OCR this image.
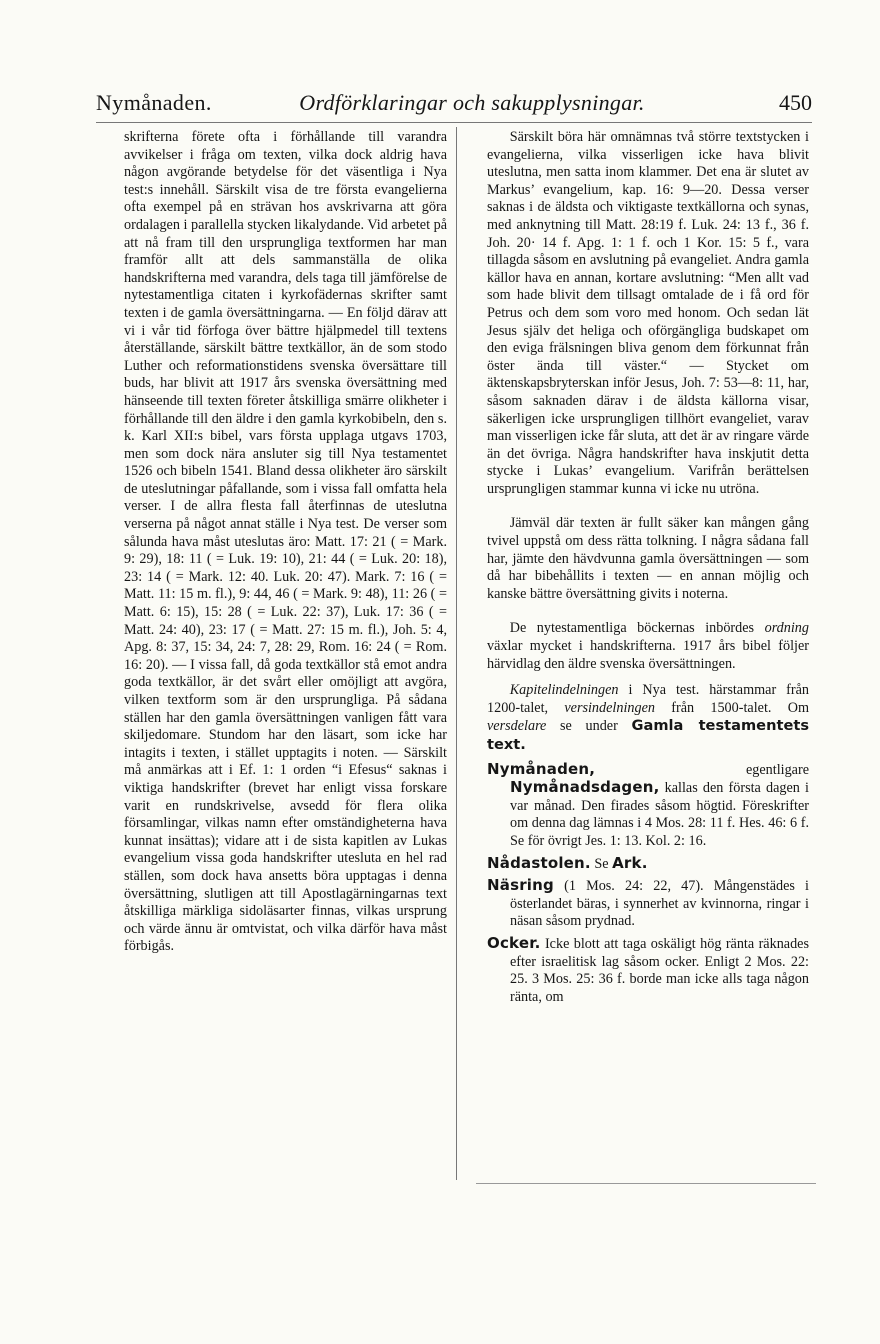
Nymånaden.	Ordförklaringar och sakupplysningar.	450
skrifterna förete ofta i förhållande till varandra avvikelser i fråga om texten, vilka dock aldrig hava någon avgörande betydelse för det väsentliga i Nya test:s innehåll. Särskilt visa de tre första evangelierna ofta exempel på en strävan hos avskrivarna att göra ordalagen i parallella stycken likalydande. Vid arbetet på att nå fram till den ursprungliga textformen har man framför allt att dels sammanställa de olika handskrifterna med varandra, dels taga till jämförelse de nytestamentliga citaten i kyrkofädernas skrifter samt texten i de gamla översättningarna. — En följd därav att vi i vår tid förfoga över bättre hjälpmedel till textens återställande, särskilt bättre textkällor, än de som stodo Luther och reformationstidens svenska översättare till buds, har blivit att 1917 års svenska översättning med hänseende till texten företer åtskilliga smärre olikheter i förhållande till den äldre i den gamla kyrkobibeln, den s. k. Karl XII:s bibel, vars första upplaga utgavs 1703, men som dock nära ansluter sig till Nya testamentet 1526 och bibeln 1541. Bland dessa olikheter äro särskilt de uteslutningar påfallande, som i vissa fall omfatta hela verser. I de allra flesta fall återfinnas de uteslutna verserna på något annat ställe i Nya test. De verser som sålunda hava måst uteslutas äro: Matt. 17: 21 ( = Mark. 9: 29), 18: 11 ( = Luk. 19: 10), 21: 44 ( = Luk. 20: 18), 23: 14 ( = Mark. 12: 40. Luk. 20: 47). Mark. 7: 16 ( = Matt. 11: 15 m. fl.), 9: 44, 46 ( = Mark. 9: 48), 11: 26 ( = Matt. 6: 15), 15: 28 ( = Luk. 22: 37), Luk. 17: 36 ( = Matt. 24: 40), 23: 17 ( = Matt. 27: 15 m. fl.), Joh. 5: 4, Apg. 8: 37, 15: 34, 24: 7, 28: 29, Rom. 16: 24 ( = Rom. 16: 20). — I vissa fall, då goda textkällor stå emot andra goda textkällor, är det svårt eller omöjligt att avgöra, vilken textform som är den ursprungliga. På sådana ställen har den gamla översättningen vanligen fått vara skiljedomare. Stundom har den läsart, som icke har intagits i texten, i stället upptagits i noten. — Särskilt må anmärkas att i Ef. 1: 1 orden “i Efesus“ saknas i viktiga handskrifter (brevet har enligt vissa forskare varit en rundskrivelse, avsedd för flera olika församlingar, vilkas namn efter omständigheterna hava kunnat insättas); vidare att i de sista kapitlen av Lukas evangelium vissa goda handskrifter utesluta en hel rad ställen, som dock hava ansetts böra upptagas i denna översättning, slutligen att till Apostlagärningarnas text åtskilliga märkliga sidoläsarter finnas, vilkas ursprung och värde ännu är omtvistat, och vilka därför hava måst förbigås.

Särskilt böra här omnämnas två större textstycken i evangelierna, vilka visserligen icke hava blivit uteslutna, men satta inom klammer. Det ena är slutet av Markus’ evangelium, kap. 16: 9—20. Dessa verser saknas i de äldsta och viktigaste textkällorna och synas, med anknytning till Matt. 28:19 f. Luk. 24: 13 f., 36 f. Joh. 20· 14 f. Apg. 1: 1 f. och 1 Kor. 15: 5 f., vara tillagda såsom en avslutning på evangeliet. Andra gamla källor hava en annan, kortare avslutning: “Men allt vad som hade blivit dem tillsagt omtalade de i få ord för Petrus och dem som voro med honom. Och sedan lät Jesus själv det heliga och oförgängliga budskapet om den eviga frälsningen bliva genom dem förkunnat från öster ända till väster.“ — Stycket om äktenskapsbryterskan inför Jesus, Joh. 7: 53—8: 11, har, såsom saknaden därav i de äldsta källorna visar, säkerligen icke ursprungligen tillhört evangeliet, varav man visserligen icke får sluta, att det är av ringare värde än det övriga. Några handskrifter hava inskjutit detta stycke i Lukas’ evangelium. Varifrån berättelsen ursprungligen stammar kunna vi icke nu utröna.

Jämväl där texten är fullt säker kan mången gång tvivel uppstå om dess rätta tolkning. I några sådana fall har, jämte den hävdvunna gamla översättningen — som då har bibehållits i texten — en annan möjlig och kanske bättre översättning givits i noterna.

De nytestamentliga böckernas inbördes ordning växlar mycket i handskrifterna. 1917 års bibel följer härvidlag den äldre svenska översättningen.

Kapitelindelningen i Nya test. härstammar från 1200-talet, versindelningen från 1500-talet. Om versdelare se under Gamla testamentets text.

Nymånaden, egentligare Nymånadsdagen, kallas den första dagen i var månad. Den firades såsom högtid. Föreskrifter om denna dag lämnas i 4 Mos. 28: 11 f. Hes. 46: 6 f. Se för övrigt Jes. 1: 13. Kol. 2: 16.
Nådastolen. Se Ark.
Näsring (1 Mos. 24: 22, 47). Mångenstädes i österlandet bäras, i synnerhet av kvinnorna, ringar i näsan såsom prydnad.
Ocker. Icke blott att taga oskäligt hög ränta räknades efter israelitisk lag såsom ocker. Enligt 2 Mos. 22: 25. 3 Mos. 25: 36 f. borde man icke alls taga någon ränta, om
